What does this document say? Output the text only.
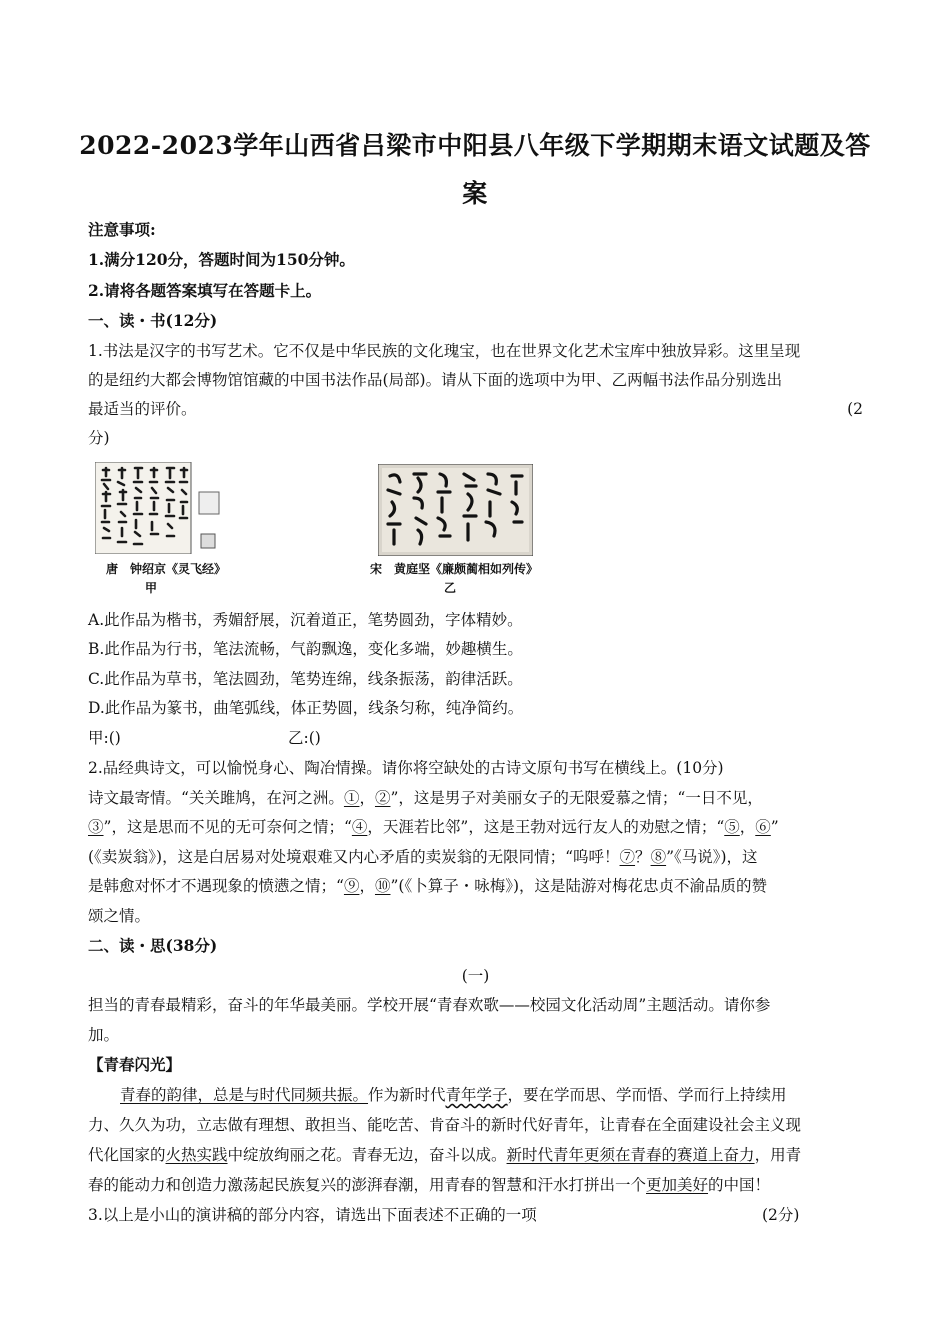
2022-2023学年山西省吕梁市中阳县八年级下学期期末语文试题及答
案
注意事项:
1.满分120分，答题时间为150分钟。
2.请将各题答案填写在答题卡上。
一、读・书(12分)
1.书法是汉字的书写艺术。它不仅是中华民族的文化瑰宝，也在世界文化艺术宝库中独放异彩。这里呈现
的是纽约大都会博物馆馆藏的中国书法作品(局部)。请从下面的选项中为甲、乙两幅书法作品分别选出
最适当的评价。	(2
分)
唐　钟绍京《灵飞经》
甲
宋　黄庭坚《廉颇蔺相如列传》
乙
A.此作品为楷书，秀媚舒展，沉着道正，笔势圆劲，字体精妙。
B.此作品为行书，笔法流畅，气韵飘逸，变化多端，妙趣横生。
C.此作品为草书，笔法圆劲，笔势连绵，线条振荡，韵律活跃。
D.此作品为篆书，曲笔弧线，体正势圆，线条匀称，纯净简约。
甲:()	乙:()
2.品经典诗文，可以愉悦身心、陶冶情操。请你将空缺处的古诗文原句书写在横线上。(10分)
诗文最寄情。“关关雎鸠，在河之洲。①，②”，这是男子对美丽女子的无限爱慕之情；“一日不见，
③”，这是思而不见的无可奈何之情；“④，天涯若比邻”，这是王勃对远行友人的劝慰之情；“⑤，⑥”
(《卖炭翁》)，这是白居易对处境艰难又内心矛盾的卖炭翁的无限同情；“呜呼！⑦？⑧”《马说》)，这
是韩愈对怀才不遇现象的愤懑之情；“⑨，⑩”(《卜算子・咏梅》)，这是陆游对梅花忠贞不渝品质的赞
颂之情。
二、读・思(38分)
(一)
担当的青春最精彩，奋斗的年华最美丽。学校开展“青春欢歌——校园文化活动周”主题活动。请你参
加。
【青春闪光】
青春的韵律，总是与时代同频共振。作为新时代青年学子，要在学而思、学而悟、学而行上持续用
力、久久为功，立志做有理想、敢担当、能吃苦、肯奋斗的新时代好青年，让青春在全面建设社会主义现
代化国家的火热实践中绽放绚丽之花。青春无边，奋斗以成。新时代青年更须在青春的赛道上奋力，用青
春的能动力和创造力激荡起民族复兴的澎湃春潮，用青春的智慧和汗水打拼出一个更加美好的中国！
3.以上是小山的演讲稿的部分内容，请选出下面表述不正确的一项	(2分)
